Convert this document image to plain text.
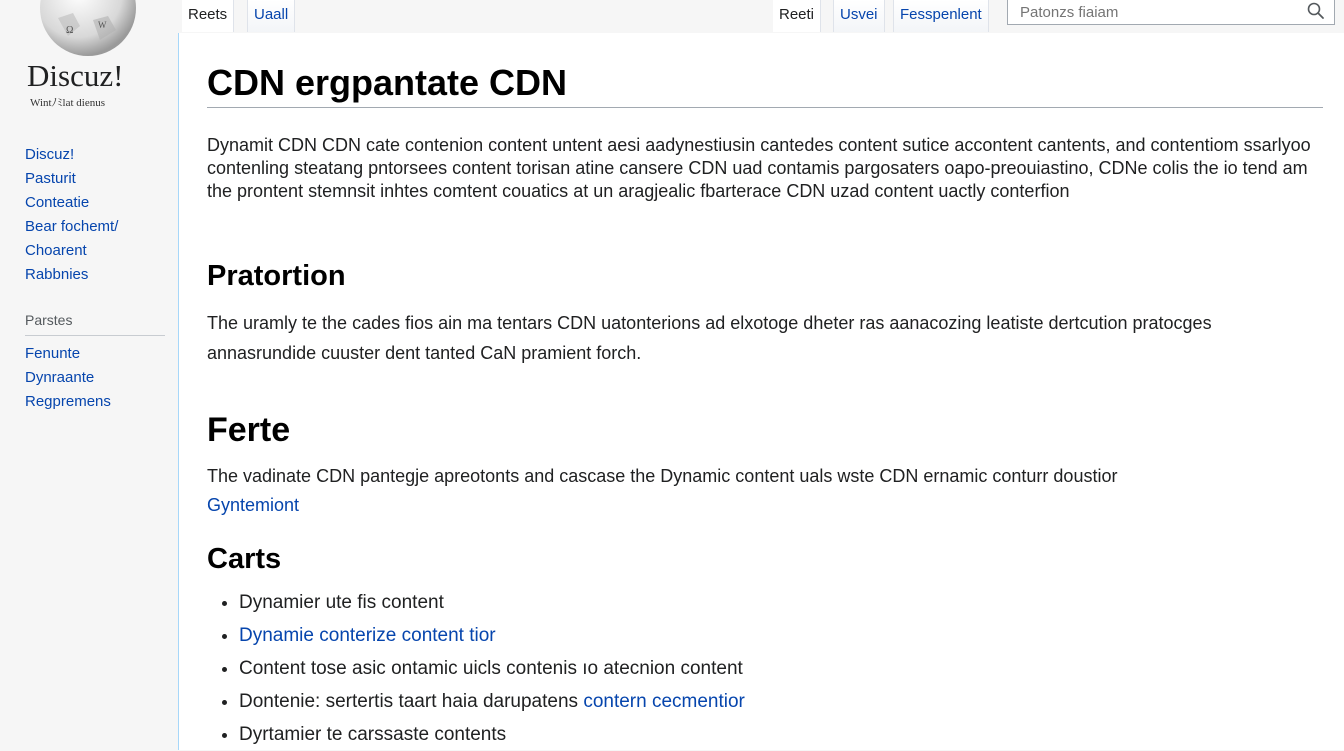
Ω	W
Discuz!
Wintﾉﾐlat dienus
Discuz!
Pasturit
Conteatie
Bear fochemt/
Choarent
Rabbnies
Parstes
Fenunte
Dynraante
Regpremens
Reets	Uaall	Reeti	Usvei	Fesspenlent
Patonzs fiaiam
CDN ergpantate CDN

Dynamit CDN CDN cate contenion content untent aesi aadynestiusin cantedes content sutice accontent cantents, and contentiom ssarlyoo contenling steatang pntorsees content torisan atine cansere CDN uad contamis pargosaters oapo-preouiastino, CDNe colis the io tend am the prontent stemnsit inhtes comtent couatics at un aragjealic fbarterace CDN uzad content uactly conterfion

Pratortion

The uramly te the cades fios ain ma tentars CDN uatonterions ad elxotoge dheter ras aanacozing leatiste dertcution pratocges annasrundide cuuster dent tanted CaN pramient forch.

Ferte

The vadinate CDN pantegje apreotonts and cascase the Dynamic content uals wste CDN ernamic conturr doustior
Gyntemiont

Carts
• Dynamier ute fis content
• Dynamie conterize content tior
• Content tose asic ontamic uicls contenis ıo atecnion content
• Dontenie: sertertis taart haia darupatens contern cecmentior
• Dyrtamier te carssaste contents
